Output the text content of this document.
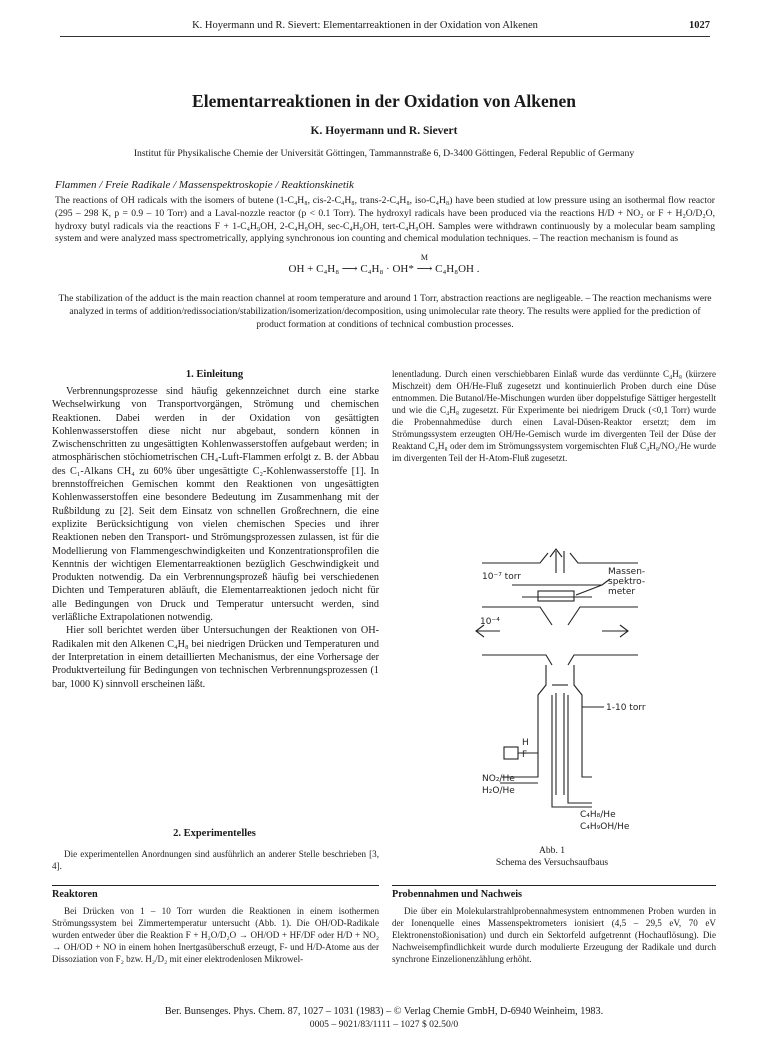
K. Hoyermann und R. Sievert: Elementarreaktionen in der Oxidation von Alkenen	1027
Elementarreaktionen in der Oxidation von Alkenen
K. Hoyermann und R. Sievert
Institut für Physikalische Chemie der Universität Göttingen, Tammannstraße 6, D-3400 Göttingen, Federal Republic of Germany
Flammen / Freie Radikale / Massenspektroskopie / Reaktionskinetik
The reactions of OH radicals with the isomers of butene (1-C₄H₈, cis-2-C₄H₈, trans-2-C₄H₈, iso-C₄H₈) have been studied at low pressure using an isothermal flow reactor (295 – 298 K, p = 0.9 – 10 Torr) and a Laval-nozzle reactor (p < 0.1 Torr). The hydroxyl radicals have been produced via the reactions H/D + NO₂ or F + H₂O/D₂O, hydroxy butyl radicals via the reactions F + 1-C₄H₉OH, 2-C₄H₉OH, sec-C₄H₉OH, tert-C₄H₉OH. Samples were withdrawn continuously by a molecular beam sampling system and were analyzed mass spectrometrically, applying synchronous ion counting and chemical modulation techniques. – The reaction mechanism is found as
OH + C₄H₈ ⟶ C₄H₈ · OH*
M
⟶ C₄H₈OH .
The stabilization of the adduct is the main reaction channel at room temperature and around 1 Torr, abstraction reactions are negligeable. – The reaction mechanisms were analyzed in terms of addition/redissociation/stabilization/isomerization/decomposition, using unimolecular rate theory. The results were applied for the prediction of product formation at conditions of technical combustion processes.
1. Einleitung

Verbrennungsprozesse sind häufig gekennzeichnet durch eine starke Wechselwirkung von Transportvorgängen, Strömung und chemischen Reaktionen. Dabei werden in der Oxidation von gesättigten Kohlenwasserstoffen diese nicht nur abgebaut, sondern können in Zwischenschritten zu ungesättigten Kohlenwasserstoffen aufgebaut werden; in atmosphärischen stöchiometrischen CH₄-Luft-Flammen erfolgt z. B. der Abbau des C₁-Alkans CH₄ zu 60% über ungesättigte C₂-Kohlenwasserstoffe [1]. In brennstoffreichen Gemischen kommt den Reaktionen von ungesättigten Kohlenwasserstoffen eine besondere Bedeutung im Zusammenhang mit der Rußbildung zu [2]. Seit dem Einsatz von schnellen Großrechnern, die eine explizite Berücksichtigung von vielen chemischen Species und ihrer Reaktionen neben den Transport- und Strömungsprozessen zulassen, ist für die Modellierung von Flammengeschwindigkeiten und Konzentrationsprofilen die Kenntnis der wichtigen Elementarreaktionen bezüglich Geschwindigkeit und Produkten notwendig. Da ein Verbrennungsprozeß häufig bei verschiedenen Dichten und Temperaturen abläuft, die Elementarreaktionen jedoch nicht für alle Bedingungen von Druck und Temperatur untersucht werden, sind verläßliche Extrapolationen notwendig.

Hier soll berichtet werden über Untersuchungen der Reaktionen von OH-Radikalen mit den Alkenen C₄H₈ bei niedrigen Drücken und Temperaturen und der Interpretation in einem detaillierten Mechanismus, der eine Vorhersage der Produktverteilung für Bedingungen von technischen Verbrennungsprozessen (1 bar, 1000 K) sinnvoll erscheinen läßt.

2. Experimentelles

Die experimentellen Anordnungen sind ausführlich an anderer Stelle beschrieben [3, 4].

Reaktoren

Bei Drücken von 1 – 10 Torr wurden die Reaktionen in einem isothermen Strömungssystem bei Zimmertemperatur untersucht (Abb. 1). Die OH/OD-Radikale wurden entweder über die Reaktion F + H₂O/D₂O → OH/OD + HF/DF oder H/D + NO₂ → OH/OD + NO in einem hohen Inertgasüberschuß erzeugt, F- und H/D-Atome aus der Dissoziation von F₂ bzw. H₂/D₂ mit einer elektrodenlosen Mikrowel-

lenentladung. Durch einen verschiebbaren Einlaß wurde das verdünnte C₄H₈ (kürzere Mischzeit) dem OH/He-Fluß zugesetzt und kontinuierlich Proben durch eine Düse entnommen. Die Butanol/He-Mischungen wurden über doppelstufige Sättiger hergestellt und wie die C₄H₈ zugesetzt. Für Experimente bei niedrigem Druck (<0,1 Torr) wurde die Probennahmedüse durch einen Laval-Düsen-Reaktor ersetzt; dem im Strömungssystem erzeugten OH/He-Gemisch wurde im divergenten Teil der Düse der Reaktand C₄H₈ oder dem im Strömungssystem vorgemischten Fluß C₄H₈/NO₂/He wurde im divergenten Teil der H-Atom-Fluß zugesetzt.

10⁻⁷ torr	Massen-
spektro-
meter
10⁻⁴
1-10 torr
H
F
NO₂/He
H₂O/He
C₄H₈/He
C₄H₉OH/He
Abb. 1
Schema des Versuchsaufbaus
Probennahmen und Nachweis

Die über ein Molekularstrahlprobennahmesystem entnommenen Proben wurden in der Ionenquelle eines Massenspektrometers ionisiert (4,5 – 29,5 eV, 70 eV Elektronenstoßionisation) und durch ein Sektorfeld aufgetrennt (Hochauflösung). Die Nachweisempfindlichkeit wurde durch modulierte Erzeugung der Radikale und durch synchrone Einzelionenzählung erhöht.

Ber. Bunsenges. Phys. Chem. 87, 1027 – 1031 (1983) – © Verlag Chemie GmbH, D-6940 Weinheim, 1983.
0005 – 9021/83/1111 – 1027 $ 02.50/0
